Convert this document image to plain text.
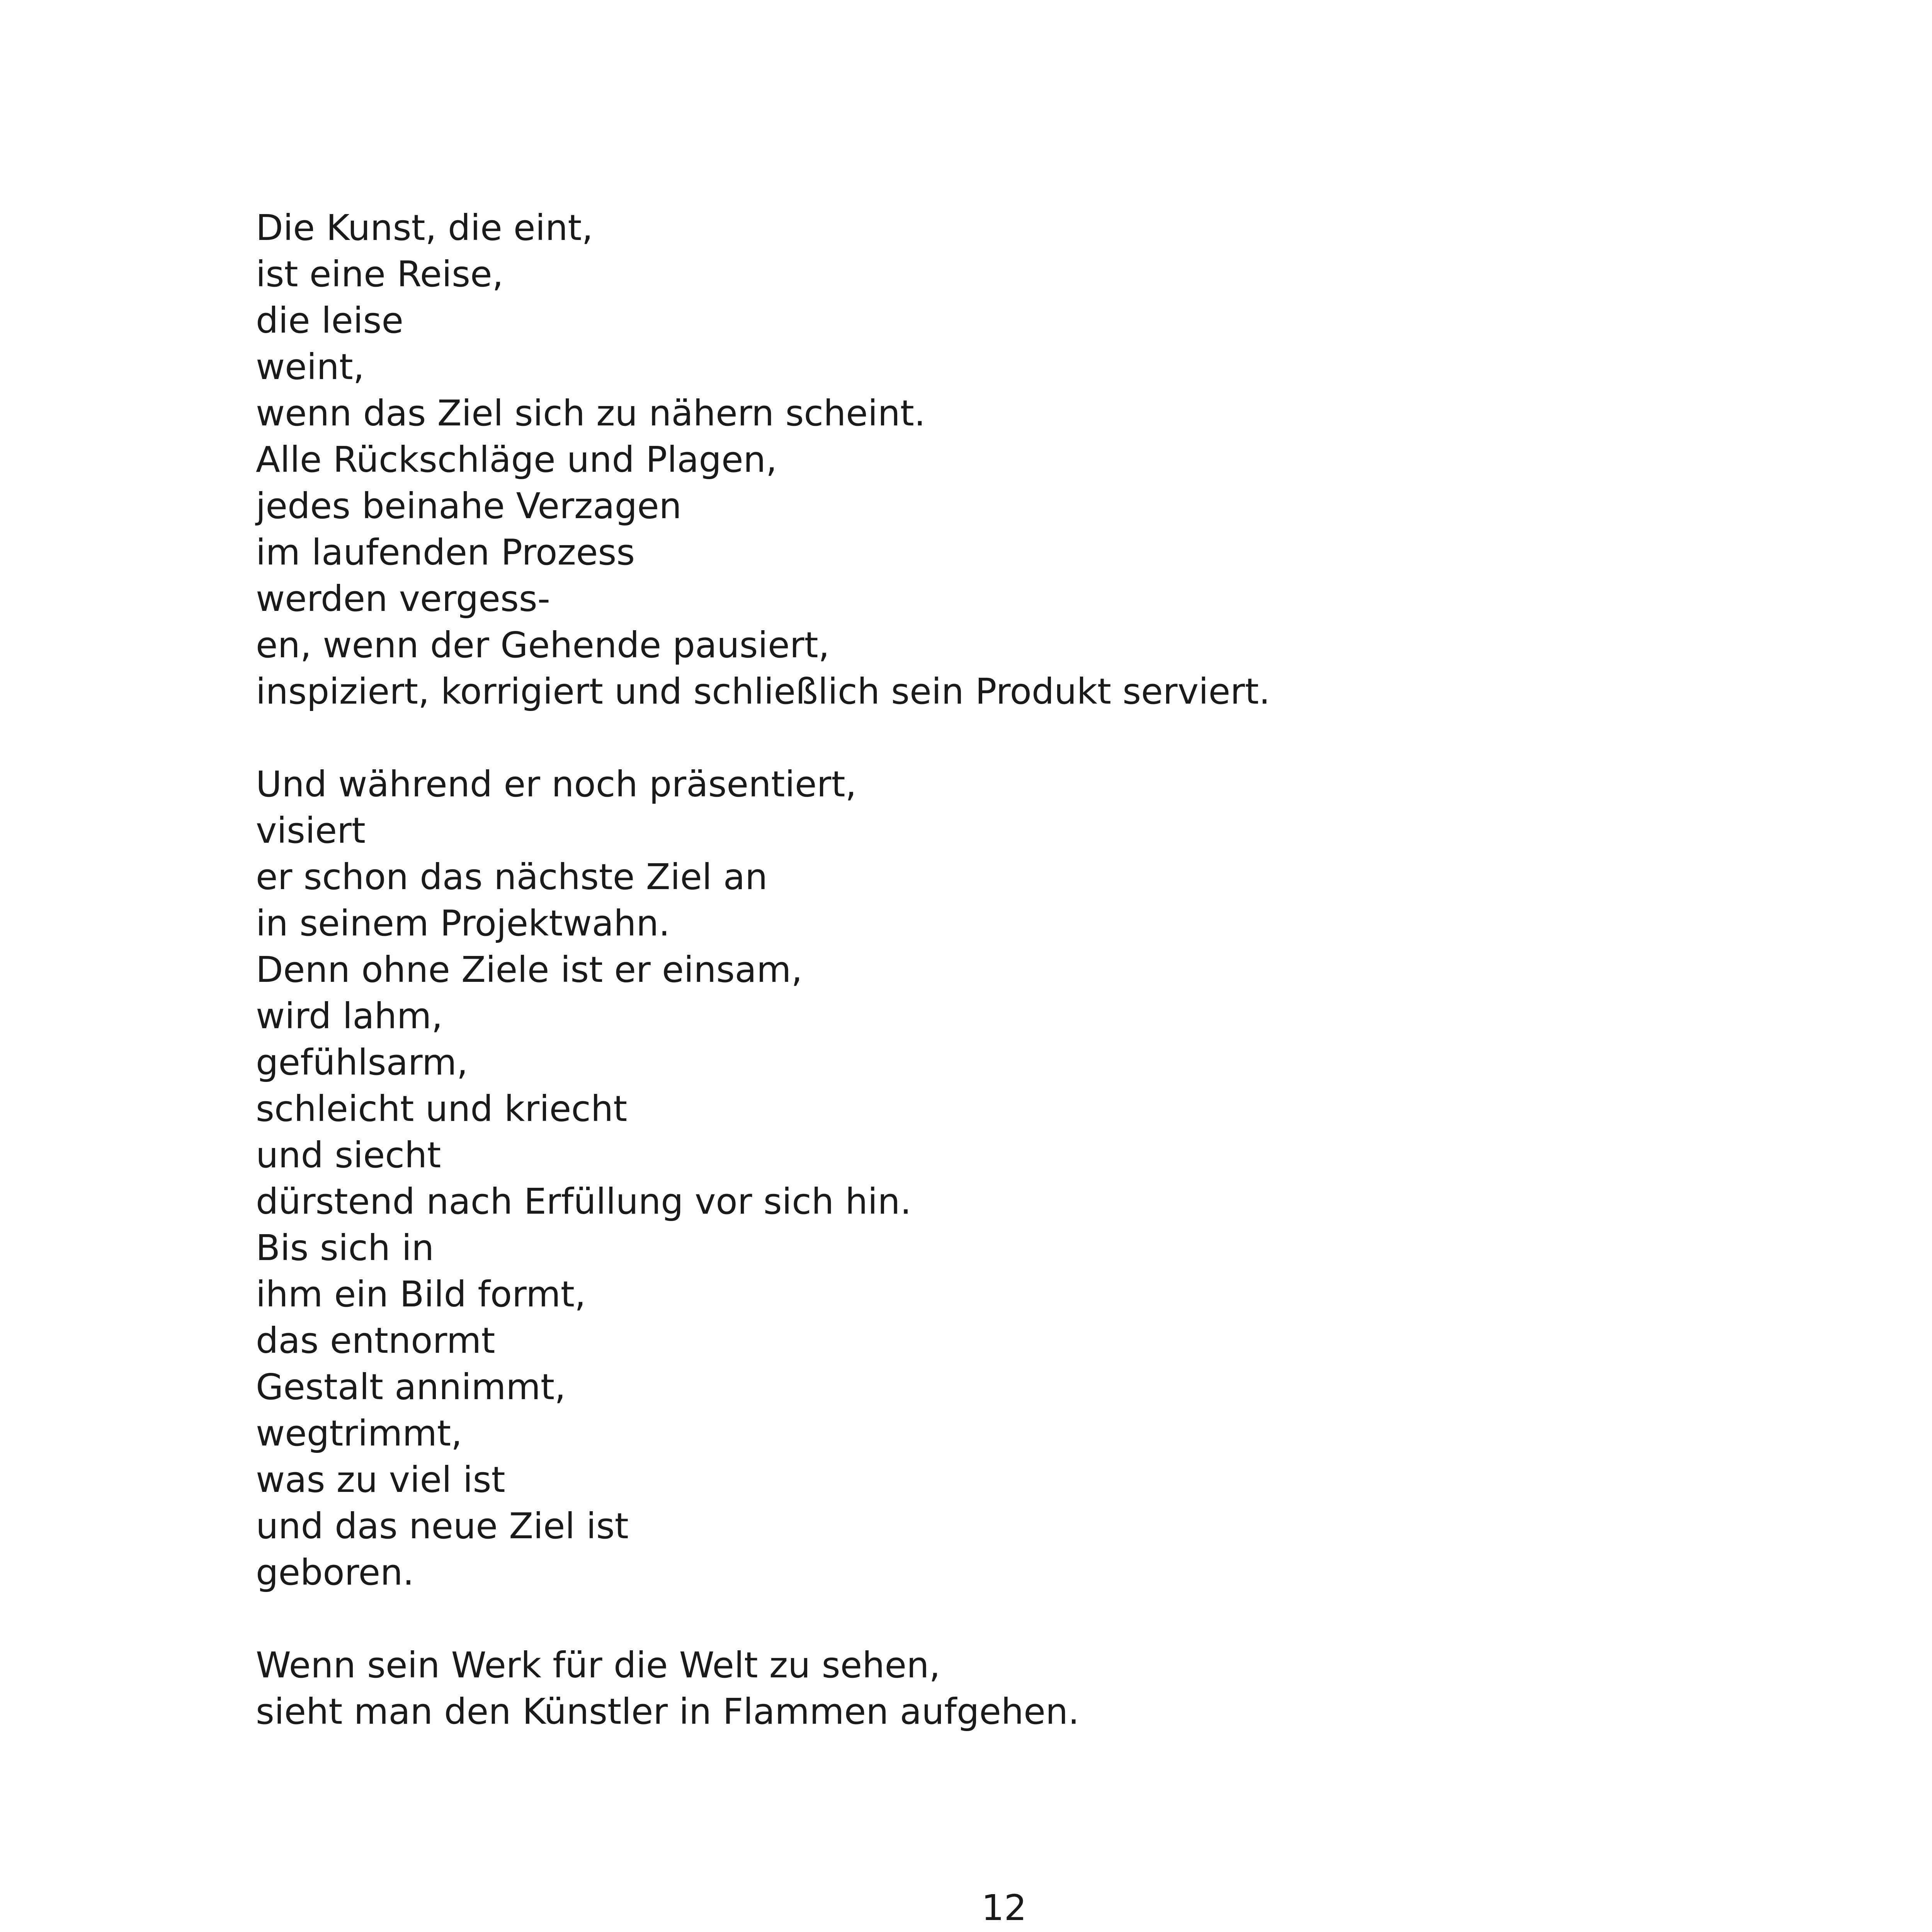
Die Kunst, die eint,
ist eine Reise,
die leise
weint,
wenn das Ziel sich zu nähern scheint.
Alle Rückschläge und Plagen,
jedes beinahe Verzagen
im laufenden Prozess
werden vergess-
en, wenn der Gehende pausiert,
inspiziert, korrigiert und schließlich sein Produkt serviert.

Und während er noch präsentiert,
visiert
er schon das nächste Ziel an
in seinem Projektwahn.
Denn ohne Ziele ist er einsam,
wird lahm,
gefühlsarm,
schleicht und kriecht
und siecht
dürstend nach Erfüllung vor sich hin.
Bis sich in
ihm ein Bild formt,
das entnormt
Gestalt annimmt,
wegtrimmt,
was zu viel ist
und das neue Ziel ist
geboren.

Wenn sein Werk für die Welt zu sehen,
sieht man den Künstler in Flammen aufgehen.

12
